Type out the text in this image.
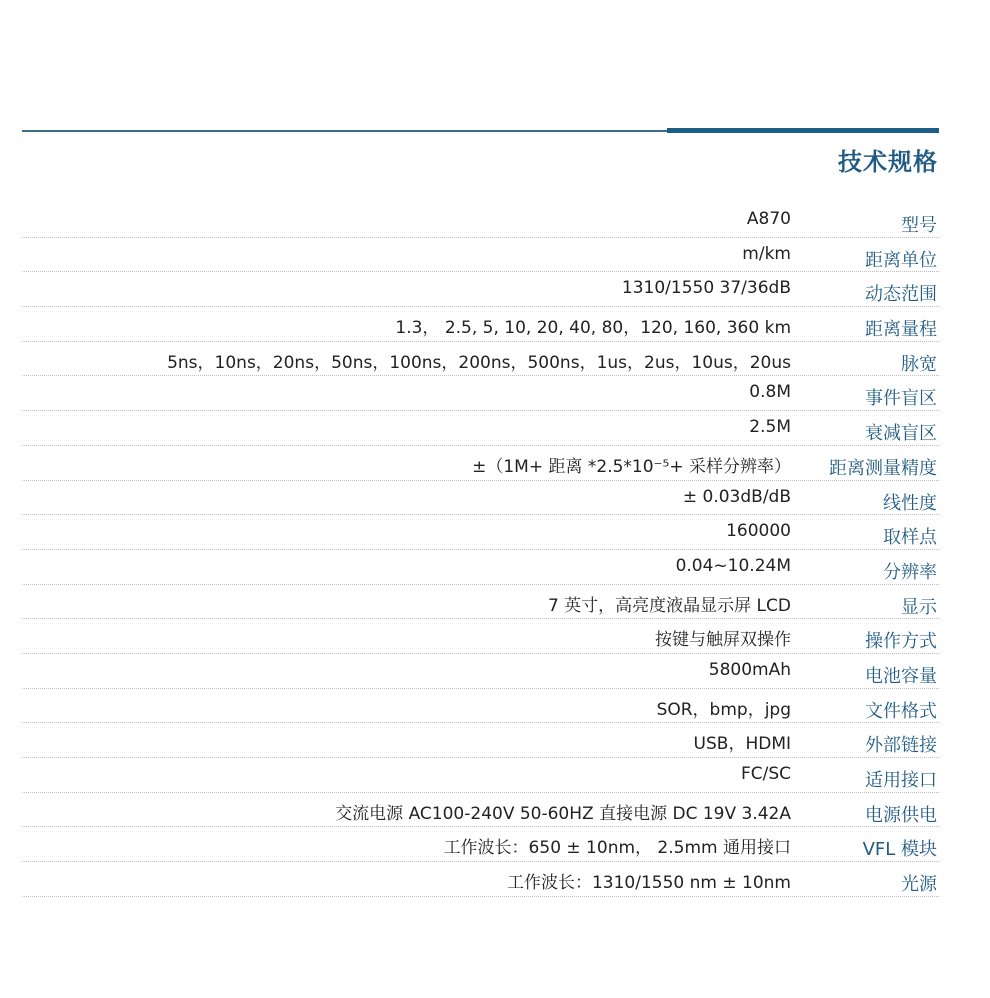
技术规格
型号
A870
距离单位
m/km
动态范围
1310/1550 37/36dB
距离量程
1.3， 2.5, 5, 10, 20, 40, 80，120, 160, 360 km
脉宽
5ns，10ns，20ns，50ns，100ns，200ns，500ns，1us，2us，10us，20us
事件盲区
0.8M
衰减盲区
2.5M
距离测量精度
±（1M+ 距离 *2.5*10⁻⁵+ 采样分辨率）
线性度
± 0.03dB/dB
取样点
160000
分辨率
0.04~10.24M
显示
7 英寸，高亮度液晶显示屏 LCD
操作方式
按键与触屏双操作
电池容量
5800mAh
文件格式
SOR，bmp，jpg
外部链接
USB，HDMI
适用接口
FC/SC
电源供电
交流电源 AC100-240V 50-60HZ 直接电源 DC 19V 3.42A
VFL 模块
工作波长：650 ± 10nm， 2.5mm 通用接口
光源
工作波长：1310/1550 nm ± 10nm
